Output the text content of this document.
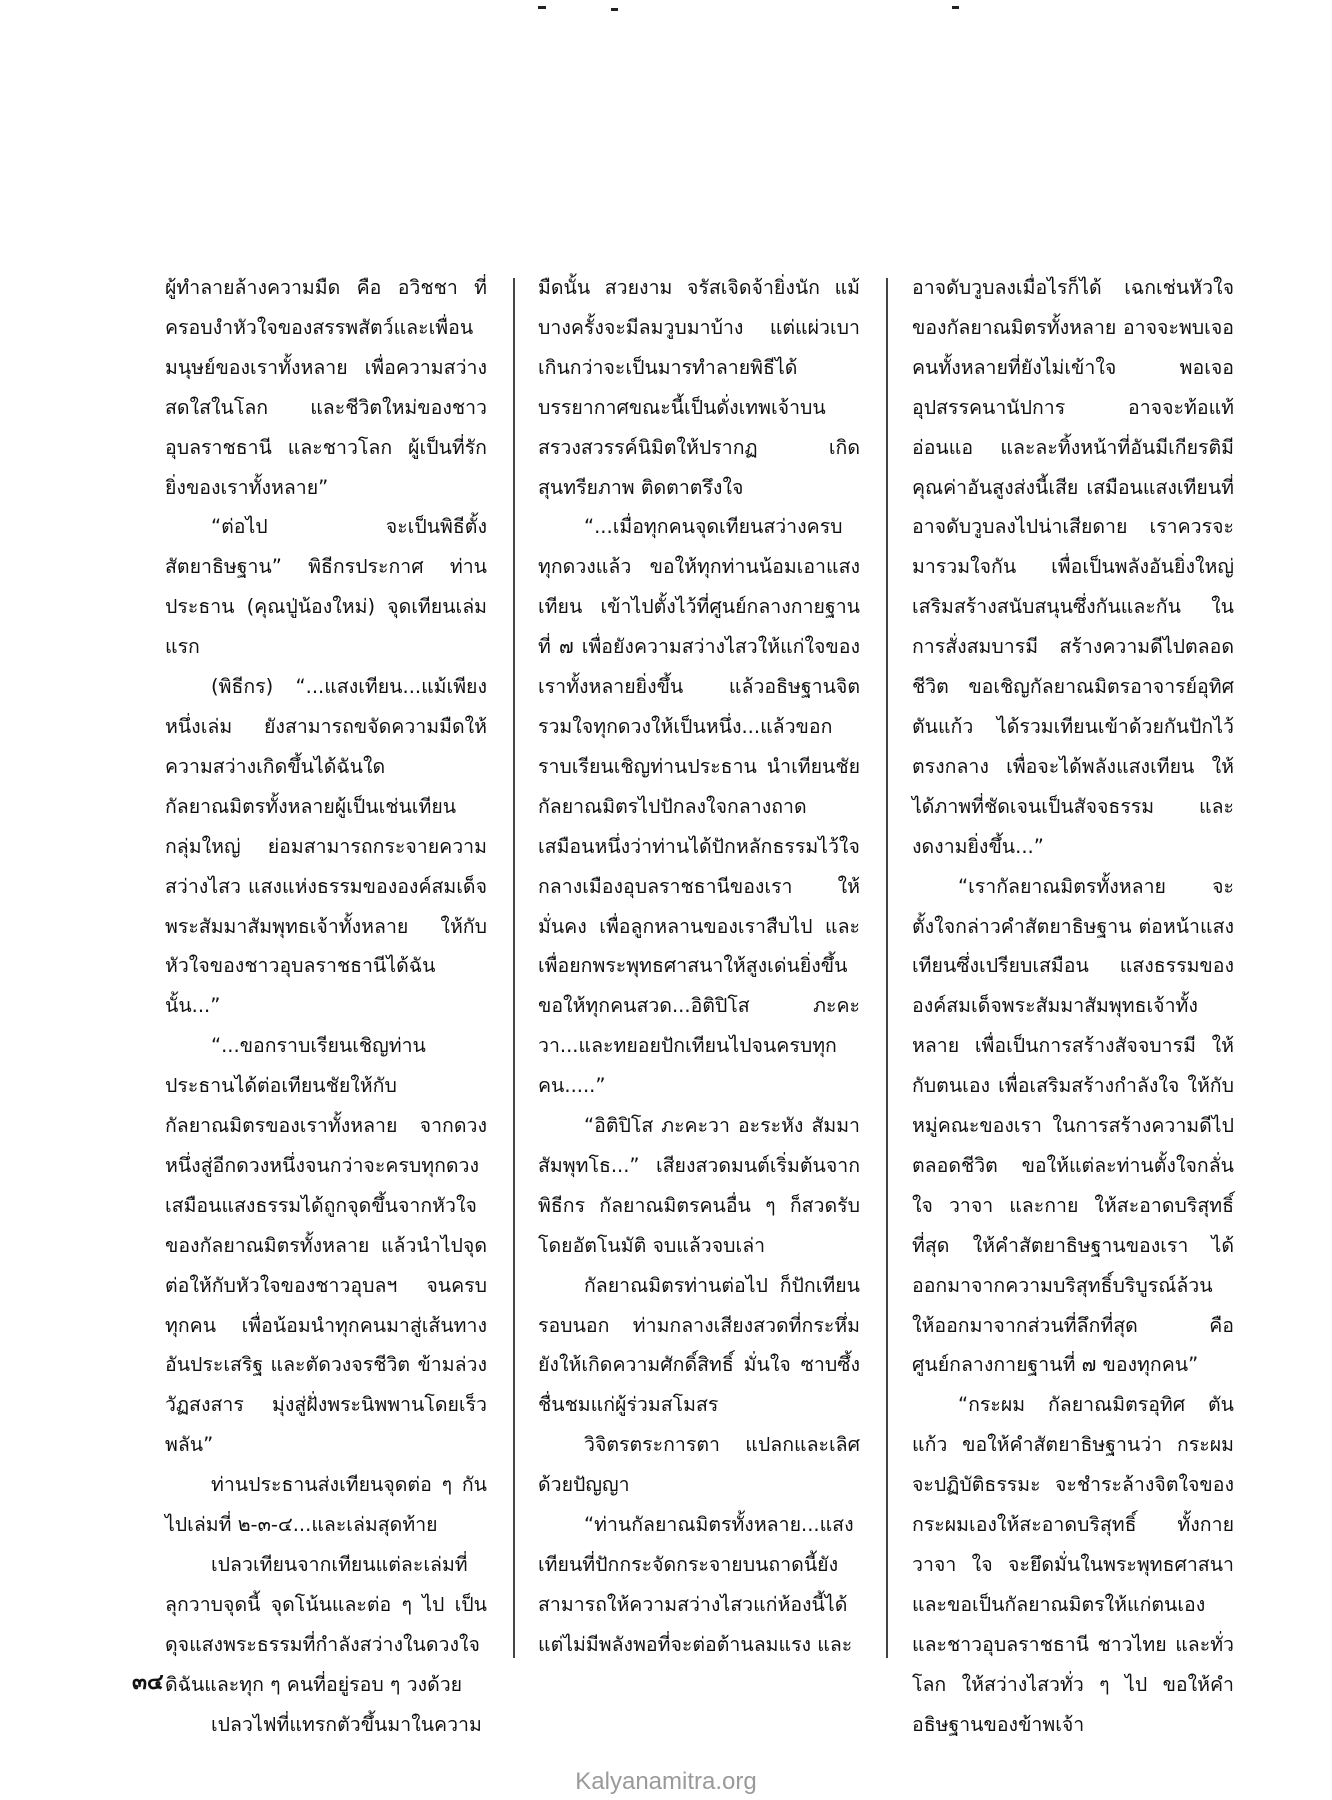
ผู้ทำลายล้างความมืด คือ อวิชชา ที่ครอบงำหัวใจของสรรพสัตว์และเพื่อนมนุษย์ของเราทั้งหลาย เพื่อความสว่างสดใสในโลก และชีวิตใหม่ของชาวอุบลราชธานี และชาวโลก ผู้เป็นที่รักยิ่งของเราทั้งหลาย”

“ต่อไป จะเป็นพิธีตั้งสัตยาธิษฐาน” พิธีกรประกาศ ท่านประธาน (คุณปู่น้องใหม่) จุดเทียนเล่มแรก

(พิธีกร) “...แสงเทียน...แม้เพียงหนึ่งเล่ม ยังสามารถขจัดความมืดให้ความสว่างเกิดขึ้นได้ฉันใด กัลยาณมิตรทั้งหลายผู้เป็นเช่นเทียนกลุ่มใหญ่ ย่อมสามารถกระจายความสว่างไสว แสงแห่งธรรมขององค์สมเด็จพระสัมมาสัมพุทธเจ้าทั้งหลาย ให้กับหัวใจของชาวอุบลราชธานีได้ฉันนั้น...”

“...ขอกราบเรียนเชิญท่านประธานได้ต่อเทียนชัยให้กับกัลยาณมิตรของเราทั้งหลาย จากดวงหนึ่งสู่อีกดวงหนึ่งจนกว่าจะครบทุกดวง เสมือนแสงธรรมได้ถูกจุดขึ้นจากหัวใจของกัลยาณมิตรทั้งหลาย แล้วนำไปจุดต่อให้กับหัวใจของชาวอุบลฯ จนครบทุกคน เพื่อน้อมนำทุกคนมาสู่เส้นทางอันประเสริฐ และตัดวงจรชีวิต ข้ามล่วงวัฏสงสาร มุ่งสู่ฝั่งพระนิพพานโดยเร็วพลัน”

ท่านประธานส่งเทียนจุดต่อ ๆ กันไปเล่มที่ ๒-๓-๔...และเล่มสุดท้าย

เปลวเทียนจากเทียนแต่ละเล่มที่ลุกวาบจุดนี้ จุดโน้นและต่อ ๆ ไป เป็นดุจแสงพระธรรมที่กำลังสว่างในดวงใจดิฉันและทุก ๆ คนที่อยู่รอบ ๆ วงด้วย

เปลวไฟที่แทรกตัวขึ้นมาในความ

มืดนั้น สวยงาม จรัสเจิดจ้ายิ่งนัก แม้บางครั้งจะมีลมวูบมาบ้าง แต่แผ่วเบาเกินกว่าจะเป็นมารทำลายพิธีได้ บรรยากาศขณะนี้เป็นดั่งเทพเจ้าบนสรวงสวรรค์นิมิตให้ปรากฏ เกิดสุนทรียภาพ ติดตาตรึงใจ

“...เมื่อทุกคนจุดเทียนสว่างครบทุกดวงแล้ว ขอให้ทุกท่านน้อมเอาแสงเทียน เข้าไปตั้งไว้ที่ศูนย์กลางกายฐานที่ ๗ เพื่อยังความสว่างไสวให้แก่ใจของเราทั้งหลายยิ่งขึ้น แล้วอธิษฐานจิตรวมใจทุกดวงให้เป็นหนึ่ง...แล้วขอกราบเรียนเชิญท่านประธาน นำเทียนชัยกัลยาณมิตรไปปักลงใจกลางถาด เสมือนหนึ่งว่าท่านได้ปักหลักธรรมไว้ใจกลางเมืองอุบลราชธานีของเรา ให้มั่นคง เพื่อลูกหลานของเราสืบไป และเพื่อยกพระพุทธศาสนาให้สูงเด่นยิ่งขึ้น ขอให้ทุกคนสวด...อิติปิโส ภะคะวา...และทยอยปักเทียนไปจนครบทุกคน.....”

“อิติปิโส ภะคะวา อะระหัง สัมมาสัมพุทโธ...” เสียงสวดมนต์เริ่มต้นจากพิธีกร กัลยาณมิตรคนอื่น ๆ ก็สวดรับโดยอัตโนมัติ จบแล้วจบเล่า

กัลยาณมิตรท่านต่อไป ก็ปักเทียนรอบนอก ท่ามกลางเสียงสวดที่กระหึ่มยังให้เกิดความศักดิ์สิทธิ์ มั่นใจ ซาบซึ้งชื่นชมแก่ผู้ร่วมสโมสร

วิจิตรตระการตา แปลกและเลิศด้วยปัญญา

“ท่านกัลยาณมิตรทั้งหลาย...แสงเทียนที่ปักกระจัดกระจายบนถาดนี้ยังสามารถให้ความสว่างไสวแก่ห้องนี้ได้ แต่ไม่มีพลังพอที่จะต่อต้านลมแรง และ

อาจดับวูบลงเมื่อไรก็ได้ เฉกเช่นหัวใจของกัลยาณมิตรทั้งหลาย อาจจะพบเจอคนทั้งหลายที่ยังไม่เข้าใจ พอเจออุปสรรคนานัปการ อาจจะท้อแท้อ่อนแอ และละทิ้งหน้าที่อันมีเกียรติมีคุณค่าอันสูงส่งนี้เสีย เสมือนแสงเทียนที่อาจดับวูบลงไปน่าเสียดาย เราควรจะมารวมใจกัน เพื่อเป็นพลังอันยิ่งใหญ่ เสริมสร้างสนับสนุนซึ่งกันและกัน ในการสั่งสมบารมี สร้างความดีไปตลอดชีวิต ขอเชิญกัลยาณมิตรอาจารย์อุทิศ ตันแก้ว ได้รวมเทียนเข้าด้วยกันปักไว้ตรงกลาง เพื่อจะได้พลังแสงเทียน ให้ได้ภาพที่ชัดเจนเป็นสัจจธรรม และงดงามยิ่งขึ้น...”

“เรากัลยาณมิตรทั้งหลาย จะตั้งใจกล่าวคำสัตยาธิษฐาน ต่อหน้าแสงเทียนซึ่งเปรียบเสมือน แสงธรรมขององค์สมเด็จพระสัมมาสัมพุทธเจ้าทั้งหลาย เพื่อเป็นการสร้างสัจจบารมี ให้กับตนเอง เพื่อเสริมสร้างกำลังใจ ให้กับหมู่คณะของเรา ในการสร้างความดีไปตลอดชีวิต ขอให้แต่ละท่านตั้งใจกลั่นใจ วาจา และกาย ให้สะอาดบริสุทธิ์ที่สุด ให้คำสัตยาธิษฐานของเรา ได้ออกมาจากความบริสุทธิ์บริบูรณ์ล้วน ให้ออกมาจากส่วนที่ลึกที่สุด คือ ศูนย์กลางกายฐานที่ ๗ ของทุกคน”

“กระผม กัลยาณมิตรอุทิศ ตันแก้ว ขอให้คำสัตยาธิษฐานว่า กระผมจะปฏิบัติธรรมะ จะชำระล้างจิตใจของกระผมเองให้สะอาดบริสุทธิ์ ทั้งกาย วาจา ใจ จะยึดมั่นในพระพุทธศาสนา และขอเป็นกัลยาณมิตรให้แก่ตนเอง และชาวอุบลราชธานี ชาวไทย และทั่วโลก ให้สว่างไสวทั่ว ๆ ไป ขอให้คำอธิษฐานของข้าพเจ้า

๓๔
Kalyanamitra.org
